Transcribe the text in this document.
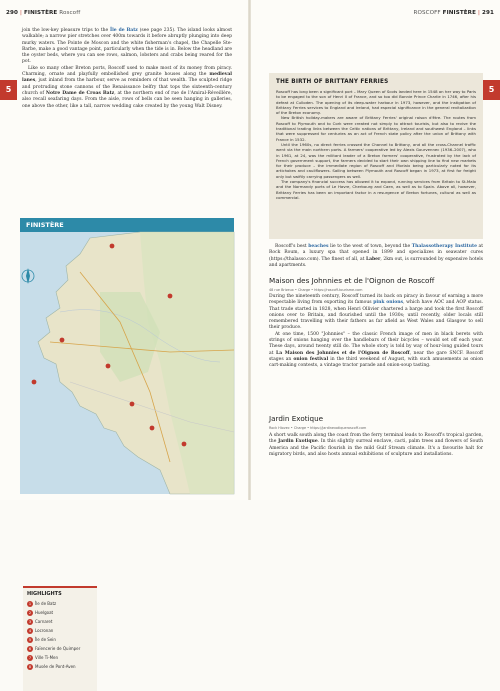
290 | FINISTÈRE Roscoff
5

join the low-key pleasure trips to the Île de Batz (see page 235). The island looks almost walkable; a narrow pier stretches over 400m towards it before abruptly plunging into deep murky waters. The Pointe de Moscon and the white fisherman's chapel, the Chapelle Ste-Barbe, make a good vantage point, particularly when the tide is in. Below the headland are the oyster beds, where you can see rows, salmon, lobsters and crabs being reared for the pot.

Like so many other Breton ports, Roscoff used to make most of its money from piracy. Charming, ornate and playfully embellished grey granite houses along the medieval lanes, just inland from the harbour, serve as reminders of that wealth. The sculpted ridge and protruding stone cannons of the Renaissance belfry that tops the sixteenth-century church of Notre Dame de Croas Batz, at the northern end of rue de l'Amiral-Réveillère, also recall seafaring days. From the aisle, rows of bells can be seen hanging in galleries, one above the other, like a tall, narrow wedding cake created by the young Walt Disney.

FINISTÈRE
HIGHLIGHTS
1 Île de Batz
2 Huelgoat
3 Carnaret
4 Locronan
5 Île de Sein
6 Faïencerie de Quimper
7 Ville Ti-Men
8 Musée de Pont-Aven
ROSCOFF FINISTÈRE | 291
5
THE BIRTH OF BRITTANY FERRIES

Roscoff has long been a significant port – Mary Queen of Scots landed here in 1548 on her way to Paris to be engaged to the son of Henri II of France, and so too did Bonnie Prince Charlie in 1746, after his defeat at Culloden. The opening of its deep-water harbour in 1973, however, and the instigation of Brittany Ferries services to England and Ireland, had especial significance in the general revitalization of the Breton economy.

New British holiday-makers are aware of Brittany Ferries' original raison d'être. The routes from Roscoff to Plymouth and to Cork were created not simply to attract tourists, but also to revive the traditional trading links between the Celtic nations of Brittany, Ireland and southwest England – links that were suppressed for centuries as an act of French state policy after the union of Brittany with France in 1532.

Until the 1960s, no direct ferries crossed the Channel to Brittany, and all the cross-Channel traffic went via the main northern ports. A farmers' cooperative led by Alexis Gourvennec (1936–2007), who in 1961, at 24, was the militant leader of a Breton farmers' cooperative, frustrated by the lack of French government support, the farmers decided to start their own shipping line to find new markets for their produce – the immediate region of Roscoff and Morlaix being particularly noted for its artichokes and cauliflowers. Sailing between Plymouth and Roscoff began in 1973, at first for freight only but swiftly carrying passengers as well.

The company's financial success has allowed it to expand, running services from Britain to St-Malo and the Normandy ports of Le Havre, Cherbourg and Caen, as well as to Spain. Above all, however, Brittany Ferries has been an important factor in a resurgence of Breton fortunes, cultural as well as commercial.

Roscoff's best beaches lie to the west of town, beyond the Thalassotherapy Institute at Rock Roum, a luxury spa that opened in 1899 and specializes in seawater cures (https://thalasso.com). The finest of all, at Laber, 2km out, is surrounded by expensive hotels and apartments.

Maison des Johnnies et de l'Oignon de Roscoff
48 rue Brizeux • Charge • https://roscoff-tourisme.com

During the nineteenth century, Roscoff turned its back on piracy in favour of earning a more respectable living from exporting its famous pink onions, which have AOC and AOP status. That trade started in 1828, when Henri Ollivier chartered a barge and took the first Roscoff onions over to Britain, and flourished until the 1930s; until recently, older locals still remembered travelling with their fathers as far afield as West Wales and Glasgow to sell their produce.

At one time, 1500 "Johnnies" – the classic French image of men in black berets with strings of onions hanging over the handlebars of their bicycles – would set off each year. These days, around twenty still do. The whole story is told by way of hour-long guided tours at La Maison des Johnnies et de l'Oignon de Roscoff, near the gare SNCF. Roscoff stages an onion festival in the third weekend of August, with such amusements as onion cart-making contests, a vintage tractor parade and onion-soup tasting.

Jardin Exotique
Rock Hiovec • Charge • https://jardinexotiqueroscoff.com

A short walk south along the coast from the ferry terminal leads to Roscoff's tropical garden, the Jardin Exotique. In this slightly surreal enclave, cacti, palm trees and flowers of South America and the Pacific flourish in the mild Gulf Stream climate. It's a favourite halt for migratory birds, and also hosts annual exhibitions of sculpture and installations.
